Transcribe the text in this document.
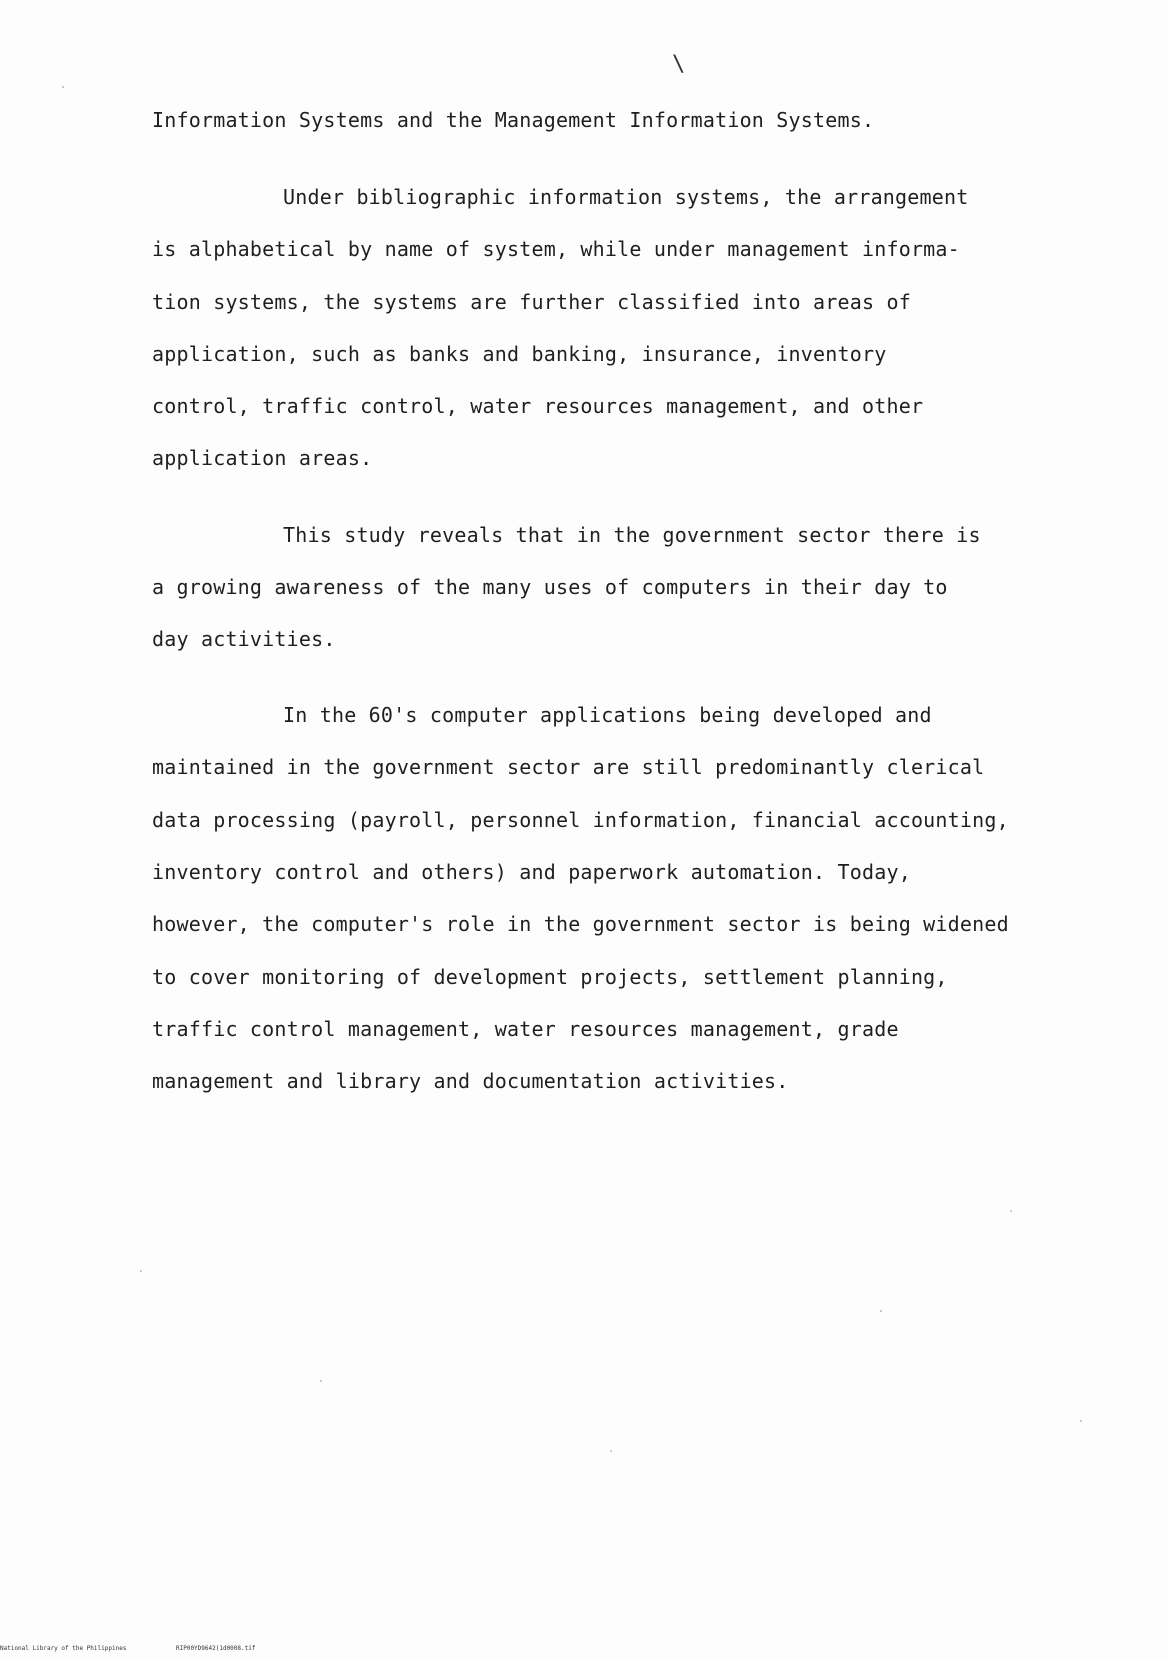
\
Information Systems and the Management Information Systems.
Under bibliographic information systems, the arrangement
is alphabetical by name of system, while under management informa-
tion systems, the systems are further classified into areas of
application, such as banks and banking, insurance, inventory
control, traffic control, water resources management, and other
application areas.
This study reveals that in the government sector there is
a growing awareness of the many uses of computers in their day to
day activities.
In the 60's computer applications being developed and
maintained in the government sector are still predominantly clerical
data processing (payroll, personnel information, financial accounting,
inventory control and others) and paperwork automation. Today,
however, the computer's role in the government sector is being widened
to cover monitoring of development projects, settlement planning,
traffic control management, water resources management, grade
management and library and documentation activities.
National Library of the Philippines	RIP00YD9642(1d0008.tif
